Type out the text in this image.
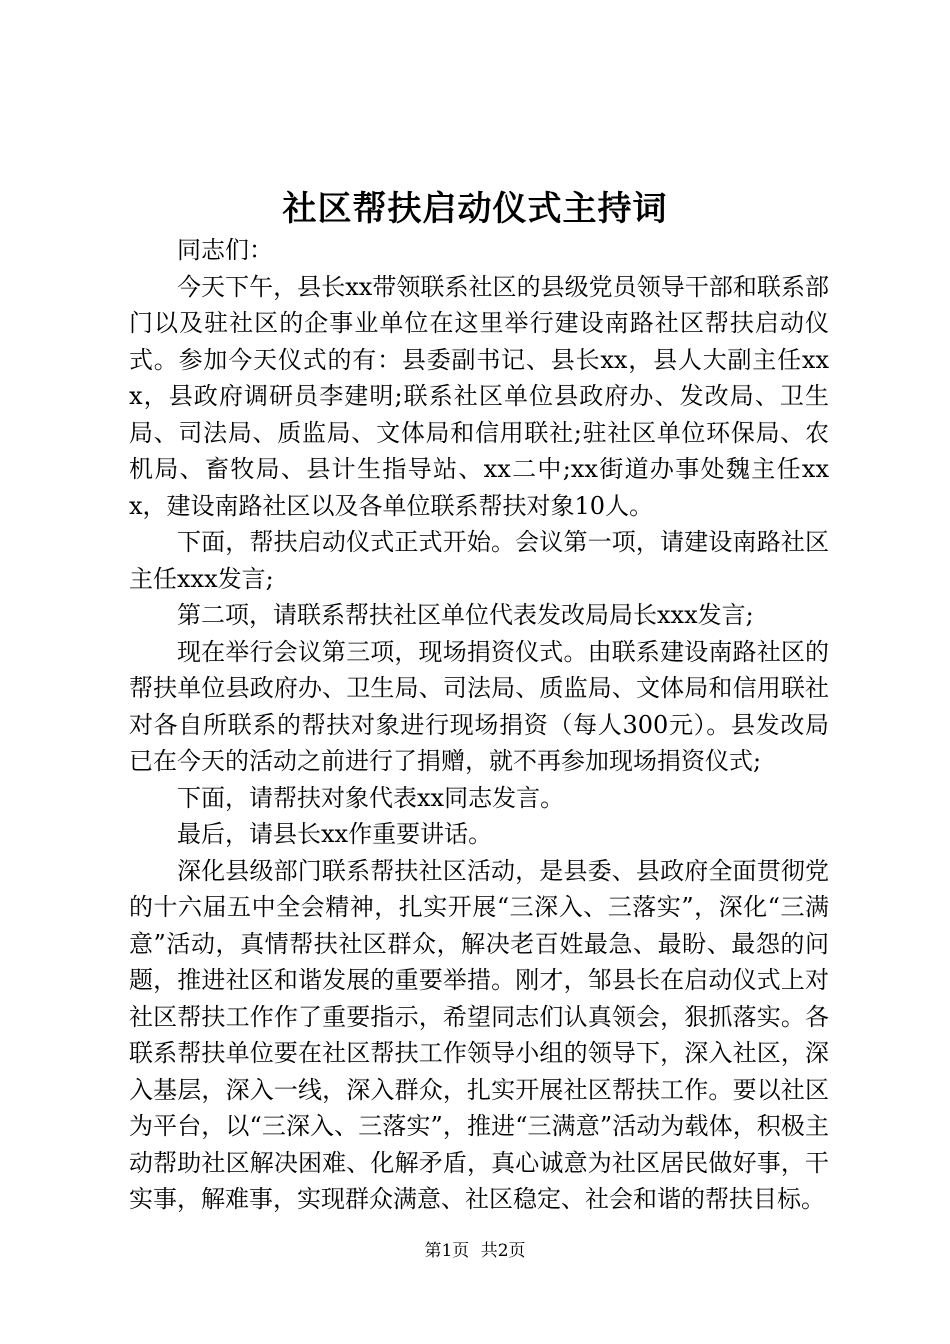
社区帮扶启动仪式主持词

同志们：

今天下午，县长xx带领联系社区的县级党员领导干部和联系部门以及驻社区的企事业单位在这里举行建设南路社区帮扶启动仪式。参加今天仪式的有：县委副书记、县长xx，县人大副主任xxx，县政府调研员李建明;联系社区单位县政府办、发改局、卫生局、司法局、质监局、文体局和信用联社;驻社区单位环保局、农机局、畜牧局、县计生指导站、xx二中;xx街道办事处魏主任xxx，建设南路社区以及各单位联系帮扶对象10人。

下面，帮扶启动仪式正式开始。会议第一项，请建设南路社区主任xxx发言;

第二项，请联系帮扶社区单位代表发改局局长xxx发言;

现在举行会议第三项，现场捐资仪式。由联系建设南路社区的帮扶单位县政府办、卫生局、司法局、质监局、文体局和信用联社对各自所联系的帮扶对象进行现场捐资（每人300元）。县发改局已在今天的活动之前进行了捐赠，就不再参加现场捐资仪式;

下面，请帮扶对象代表xx同志发言。

最后，请县长xx作重要讲话。

深化县级部门联系帮扶社区活动，是县委、县政府全面贯彻党的十六届五中全会精神，扎实开展“三深入、三落实”，深化“三满意”活动，真情帮扶社区群众，解决老百姓最急、最盼、最怨的问题，推进社区和谐发展的重要举措。刚才，邹县长在启动仪式上对社区帮扶工作作了重要指示，希望同志们认真领会，狠抓落实。各联系帮扶单位要在社区帮扶工作领导小组的领导下，深入社区，深入基层，深入一线，深入群众，扎实开展社区帮扶工作。要以社区为平台，以“三深入、三落实”，推进“三满意”活动为载体，积极主动帮助社区解决困难、化解矛盾，真心诚意为社区居民做好事，干实事，解难事，实现群众满意、社区稳定、社会和谐的帮扶目标。

第1页 共2页
